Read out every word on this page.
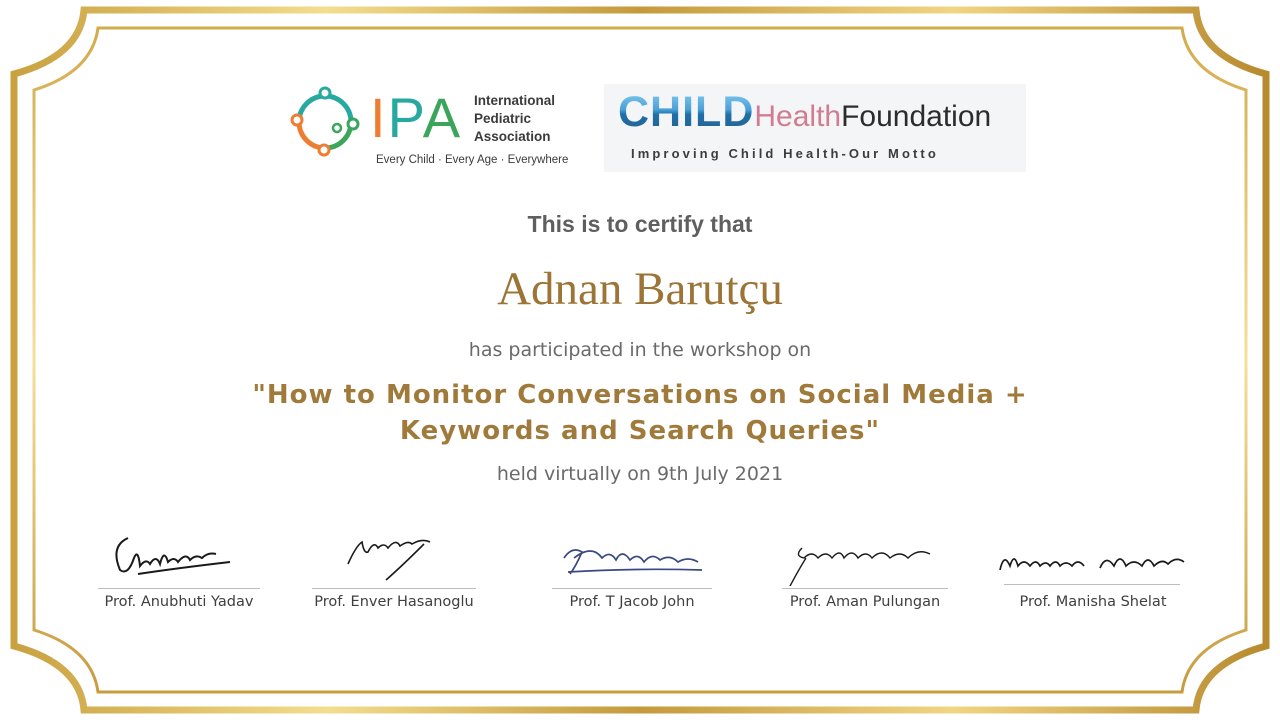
IPA International
Pediatric
Association
Every Child · Every Age · Everywhere
CHILDHealthFoundation
Improving Child Health-Our Motto
This is to certify that
Adnan Barutçu
has participated in the workshop on
"How to Monitor Conversations on Social Media +
Keywords and Search Queries"
held virtually on 9th July 2021
Prof. Anubhuti Yadav	Prof. Enver Hasanoglu	Prof. T Jacob John	Prof. Aman Pulungan	Prof. Manisha Shelat
